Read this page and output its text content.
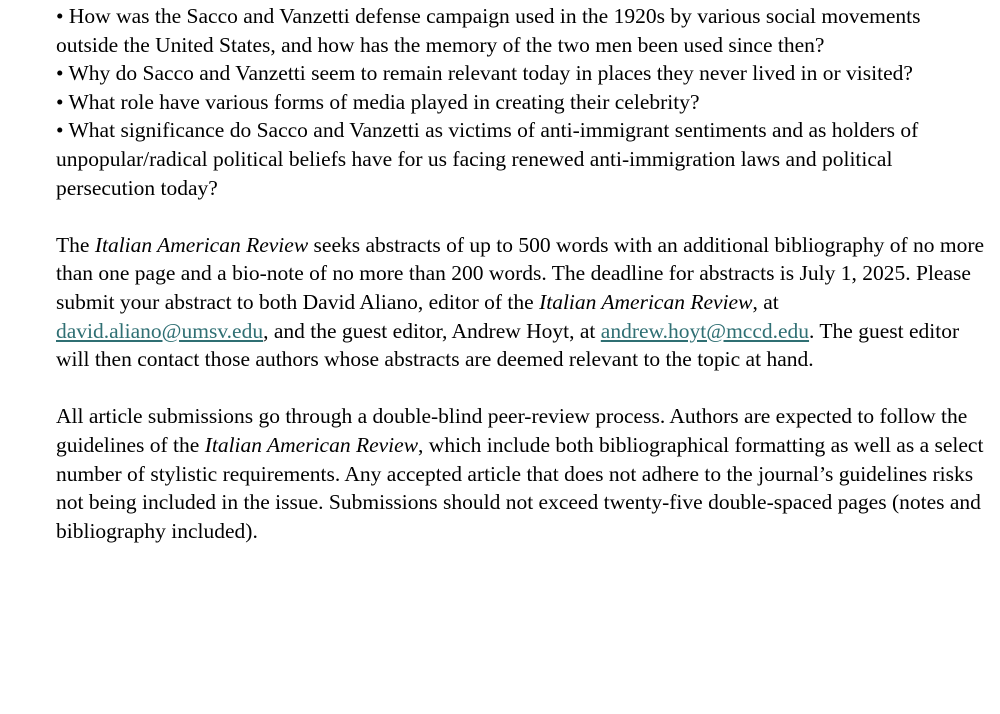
• How was the Sacco and Vanzetti defense campaign used in the 1920s by various social movements outside the United States, and how has the memory of the two men been used since then?

• Why do Sacco and Vanzetti seem to remain relevant today in places they never lived in or visited?

• What role have various forms of media played in creating their celebrity?

• What significance do Sacco and Vanzetti as victims of anti-immigrant sentiments and as holders of unpopular/radical political beliefs have for us facing renewed anti-immigration laws and political persecution today?

The Italian American Review seeks abstracts of up to 500 words with an additional bibliography of no more than one page and a bio-note of no more than 200 words. The deadline for abstracts is July 1, 2025. Please submit your abstract to both David Aliano, editor of the Italian American Review, at david.aliano@umsv.edu, and the guest editor, Andrew Hoyt, at andrew.hoyt@mccd.edu. The guest editor will then contact those authors whose abstracts are deemed relevant to the topic at hand.

All article submissions go through a double-blind peer-review process. Authors are expected to follow the guidelines of the Italian American Review, which include both bibliographical formatting as well as a select number of stylistic requirements. Any accepted article that does not adhere to the journal’s guidelines risks not being included in the issue. Submissions should not exceed twenty-five double-spaced pages (notes and bibliography included).
